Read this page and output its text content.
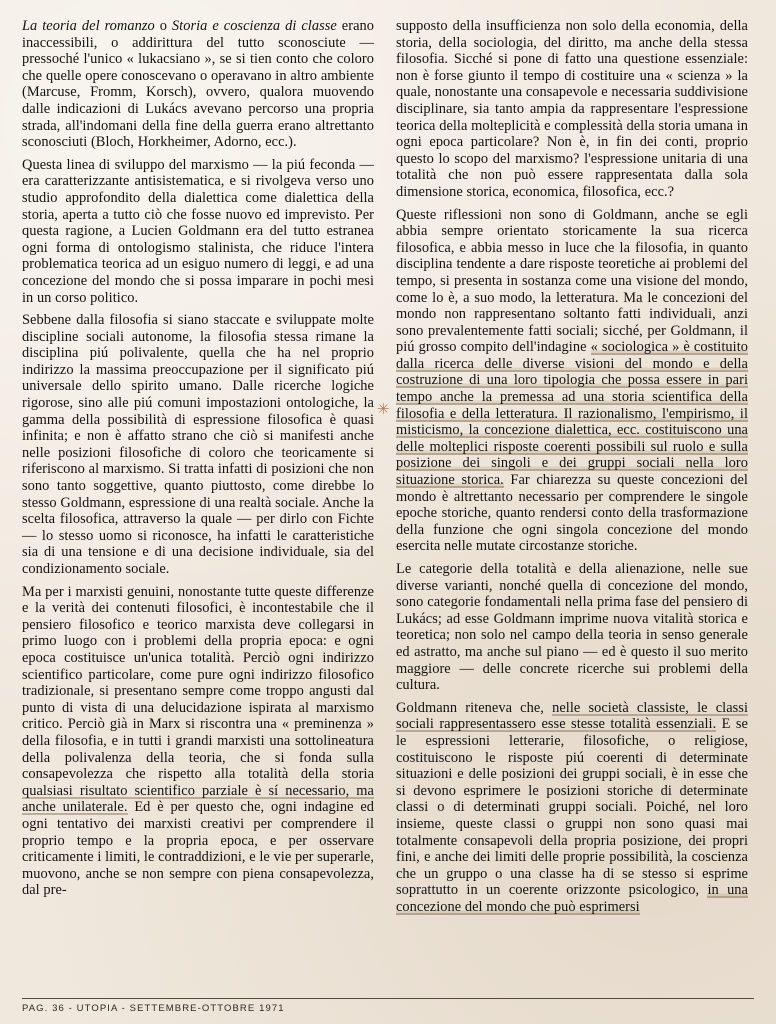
La teoria del romanzo o Storia e coscienza di classe erano inaccessibili, o addirittura del tutto sconosciute — pressoché l'unico « lukacsiano », se si tien conto che coloro che quelle opere conoscevano o operavano in altro ambiente (Marcuse, Fromm, Korsch), ovvero, qualora muovendo dalle indicazioni di Lukács avevano percorso una propria strada, all'indomani della fine della guerra erano altrettanto sconosciuti (Bloch, Horkheimer, Adorno, ecc.).

Questa linea di sviluppo del marxismo — la piú feconda — era caratterizzante antisistematica, e si rivolgeva verso uno studio approfondito della dialettica come dialettica della storia, aperta a tutto ciò che fosse nuovo ed imprevisto. Per questa ragione, a Lucien Goldmann era del tutto estranea ogni forma di ontologismo stalinista, che riduce l'intera problematica teorica ad un esiguo numero di leggi, e ad una concezione del mondo che si possa imparare in pochi mesi in un corso politico.

Sebbene dalla filosofia si siano staccate e sviluppate molte discipline sociali autonome, la filosofia stessa rimane la disciplina piú polivalente, quella che ha nel proprio indirizzo la massima preoccupazione per il significato piú universale dello spirito umano. Dalle ricerche logiche rigorose, sino alle piú comuni impostazioni ontologiche, la gamma della possibilità di espressione filosofica è quasi infinita; e non è affatto strano che ciò si manifesti anche nelle posizioni filosofiche di coloro che teoricamente si riferiscono al marxismo. Si tratta infatti di posizioni che non sono tanto soggettive, quanto piuttosto, come direbbe lo stesso Goldmann, espressione di una realtà sociale. Anche la scelta filosofica, attraverso la quale — per dirlo con Fichte — lo stesso uomo si riconosce, ha infatti le caratteristiche sia di una tensione e di una decisione individuale, sia del condizionamento sociale.

Ma per i marxisti genuini, nonostante tutte queste differenze e la verità dei contenuti filosofici, è incontestabile che il pensiero filosofico e teorico marxista deve collegarsi in primo luogo con i problemi della propria epoca: e ogni epoca costituisce un'unica totalità. Perciò ogni indirizzo scientifico particolare, come pure ogni indirizzo filosofico tradizionale, si presentano sempre come troppo angusti dal punto di vista di una delucidazione ispirata al marxismo critico. Perciò già in Marx si riscontra una « preminenza » della filosofia, e in tutti i grandi marxisti una sottolineatura della polivalenza della teoria, che si fonda sulla consapevolezza che rispetto alla totalità della storia qualsiasi risultato scientifico parziale è sí necessario, ma anche unilaterale. Ed è per questo che, ogni indagine ed ogni tentativo dei marxisti creativi per comprendere il proprio tempo e la propria epoca, e per osservare criticamente i limiti, le contraddizioni, e le vie per superarle, muovono, anche se non sempre con piena consapevolezza, dal pre-

supposto della insufficienza non solo della economia, della storia, della sociologia, del diritto, ma anche della stessa filosofia. Sicché si pone di fatto una questione essenziale: non è forse giunto il tempo di costituire una « scienza » la quale, nonostante una consapevole e necessaria suddivisione disciplinare, sia tanto ampia da rappresentare l'espressione teorica della molteplicità e complessità della storia umana in ogni epoca particolare? Non è, in fin dei conti, proprio questo lo scopo del marxismo? l'espressione unitaria di una totalità che non può essere rappresentata dalla sola dimensione storica, economica, filosofica, ecc.?

Queste riflessioni non sono di Goldmann, anche se egli abbia sempre orientato storicamente la sua ricerca filosofica, e abbia messo in luce che la filosofia, in quanto disciplina tendente a dare risposte teoretiche ai problemi del tempo, si presenta in sostanza come una visione del mondo, come lo è, a suo modo, la letteratura. Ma le concezioni del mondo non rappresentano soltanto fatti individuali, anzi sono prevalentemente fatti sociali; sicché, per Goldmann, il piú grosso compito dell'indagine « sociologica » è costituito dalla ricerca delle diverse visioni del mondo e della costruzione di una loro tipologia che possa essere in pari tempo anche la premessa ad una storia scientifica della filosofia e della letteratura. Il razionalismo, l'empirismo, il misticismo, la concezione dialettica, ecc. costituiscono una delle molteplici risposte coerenti possibili sul ruolo e sulla posizione dei singoli e dei gruppi sociali nella loro situazione storica. Far chiarezza su queste concezioni del mondo è altrettanto necessario per comprendere le singole epoche storiche, quanto rendersi conto della trasformazione della funzione che ogni singola concezione del mondo esercita nelle mutate circostanze storiche.

Le categorie della totalità e della alienazione, nelle sue diverse varianti, nonché quella di concezione del mondo, sono categorie fondamentali nella prima fase del pensiero di Lukács; ad esse Goldmann imprime nuova vitalità storica e teoretica; non solo nel campo della teoria in senso generale ed astratto, ma anche sul piano — ed è questo il suo merito maggiore — delle concrete ricerche sui problemi della cultura.

Goldmann riteneva che, nelle società classiste, le classi sociali rappresentassero esse stesse totalità essenziali. E se le espressioni letterarie, filosofiche, o religiose, costituiscono le risposte piú coerenti di determinate situazioni e delle posizioni dei gruppi sociali, è in esse che si devono esprimere le posizioni storiche di determinate classi o di determinati gruppi sociali. Poiché, nel loro insieme, queste classi o gruppi non sono quasi mai totalmente consapevoli della propria posizione, dei propri fini, e anche dei limiti delle proprie possibilità, la coscienza che un gruppo o una classe ha di se stesso si esprime soprattutto in un coerente orizzonte psicologico, in una concezione del mondo che può esprimersi

✳
PAG. 36 - UTOPIA - SETTEMBRE-OTTOBRE 1971
